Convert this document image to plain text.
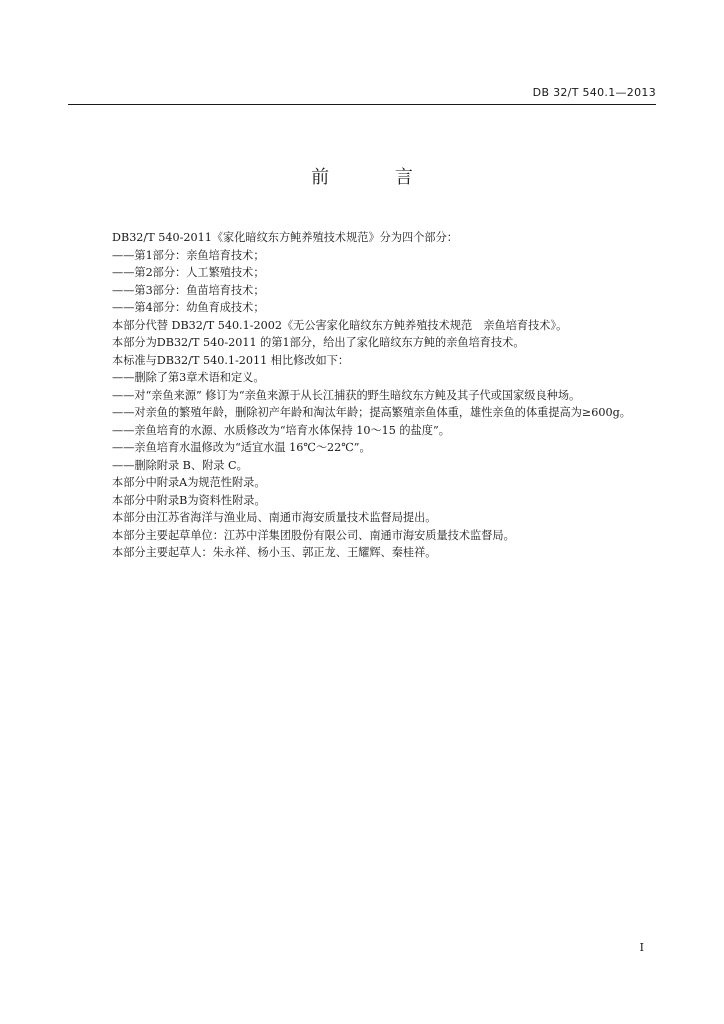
DB 32/T 540.1—2013
前 言

DB32/T 540-2011《家化暗纹东方鲀养殖技术规范》分为四个部分：

——第1部分：亲鱼培育技术；

——第2部分：人工繁殖技术；

——第3部分：鱼苗培育技术；

——第4部分：幼鱼育成技术；

本部分代替 DB32/T 540.1-2002《无公害家化暗纹东方鲀养殖技术规范　亲鱼培育技术》。

本部分为DB32/T 540-2011 的第1部分，给出了家化暗纹东方鲀的亲鱼培育技术。

本标准与DB32/T 540.1-2011 相比修改如下：

——删除了第3章术语和定义。

——对“亲鱼来源” 修订为“亲鱼来源于从长江捕获的野生暗纹东方鲀及其子代或国家级良种场。

——对亲鱼的繁殖年龄，删除初产年龄和淘汰年龄；提高繁殖亲鱼体重，雄性亲鱼的体重提高为≥600g。

——亲鱼培育的水源、水质修改为“培育水体保持 10～15 的盐度”。

——亲鱼培育水温修改为“适宜水温 16℃～22℃”。

——删除附录 B、附录 C。

本部分中附录A为规范性附录。

本部分中附录B为资料性附录。

本部分由江苏省海洋与渔业局、南通市海安质量技术监督局提出。

本部分主要起草单位：江苏中洋集团股份有限公司、南通市海安质量技术监督局。

本部分主要起草人：朱永祥、杨小玉、郭正龙、王耀辉、秦桂祥。

I
